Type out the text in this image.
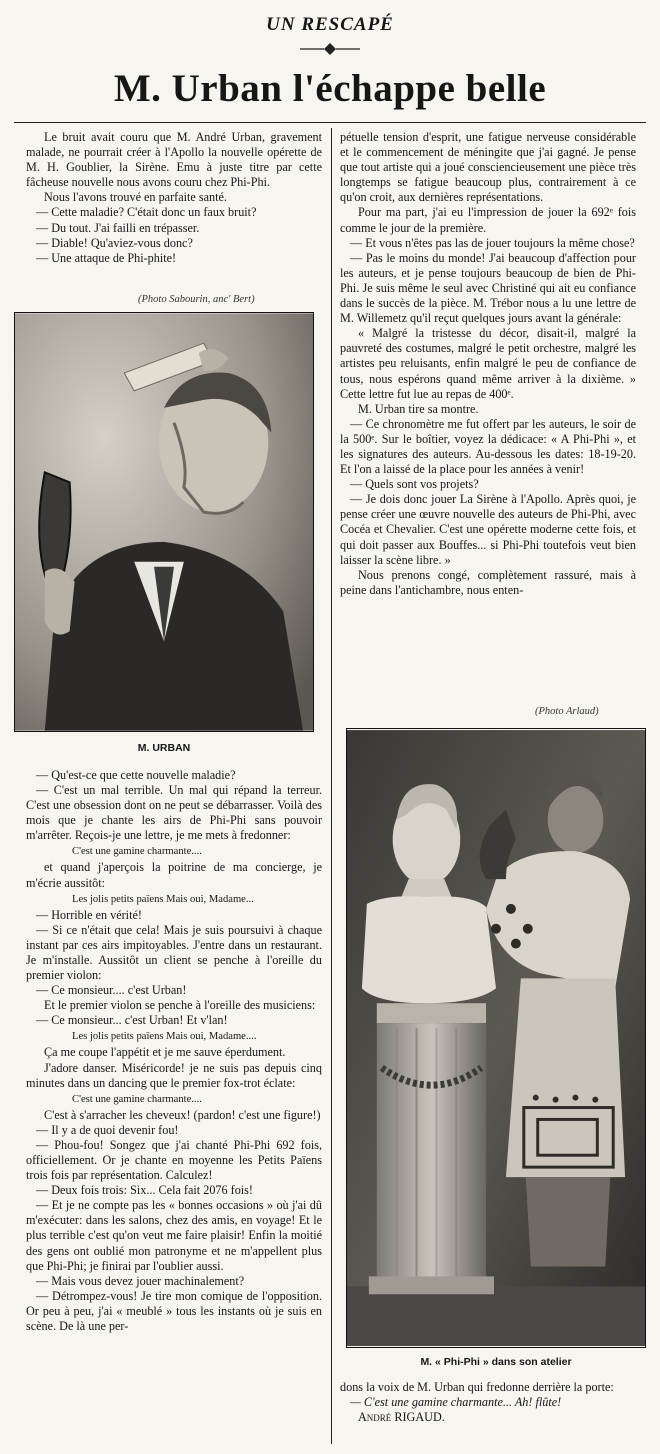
UN RESCAPÉ
M. Urban l'échappe belle

Le bruit avait couru que M. André Urban, gravement malade, ne pourrait créer à l'Apollo la nouvelle opérette de M. H. Goublier, la Sirène. Emu à juste titre par cette fâcheuse nouvelle nous avons couru chez Phi-Phi.

Nous l'avons trouvé en parfaite santé.

— Cette maladie? C'était donc un faux bruit?

— Du tout. J'ai failli en trépasser.

— Diable! Qu'aviez-vous donc?

— Une attaque de Phi-phite!

(Photo Sabourin, anc' Bert)
M. URBAN

— Qu'est-ce que cette nouvelle maladie?

— C'est un mal terrible. Un mal qui répand la terreur. C'est une obsession dont on ne peut se débarrasser. Voilà des mois que je chante les airs de Phi-Phi sans pouvoir m'arrêter. Reçois-je une lettre, je me mets à fredonner:

C'est une gamine charmante....

et quand j'aperçois la poitrine de ma concierge, je m'écrie aussitôt:

Les jolis petits païens Mais oui, Madame...

— Horrible en vérité!

— Si ce n'était que cela! Mais je suis poursuivi à chaque instant par ces airs impitoyables. J'entre dans un restaurant. Je m'installe. Aussitôt un client se penche à l'oreille du premier violon:

— Ce monsieur.... c'est Urban!

Et le premier violon se penche à l'oreille des musiciens:

— Ce monsieur... c'est Urban! Et v'lan!

Les jolis petits païens Mais oui, Madame....

Ça me coupe l'appétit et je me sauve éperdument.

J'adore danser. Miséricorde! je ne suis pas depuis cinq minutes dans un dancing que le premier fox-trot éclate:

C'est une gamine charmante....

C'est à s'arracher les cheveux! (pardon! c'est une figure!)

— Il y a de quoi devenir fou!

— Phou-fou! Songez que j'ai chanté Phi-Phi 692 fois, officiellement. Or je chante en moyenne les Petits Païens trois fois par représentation. Calculez!

— Deux fois trois: Six... Cela fait 2076 fois!

— Et je ne compte pas les « bonnes occasions » où j'ai dû m'exécuter: dans les salons, chez des amis, en voyage! Et le plus terrible c'est qu'on veut me faire plaisir! Enfin la moitié des gens ont oublié mon patronyme et ne m'appellent plus que Phi-Phi; je finirai par l'oublier aussi.

— Mais vous devez jouer machinalement?

— Détrompez-vous! Je tire mon comique de l'opposition. Or peu à peu, j'ai « meublé » tous les instants où je suis en scène. De là une per-

pétuelle tension d'esprit, une fatigue nerveuse considérable et le commencement de méningite que j'ai gagné. Je pense que tout artiste qui a joué consciencieusement une pièce très longtemps se fatigue beaucoup plus, contrairement à ce qu'on croit, aux dernières représentations.

Pour ma part, j'ai eu l'impression de jouer la 692ᵉ fois comme le jour de la première.

— Et vous n'êtes pas las de jouer toujours la même chose?

— Pas le moins du monde! J'ai beaucoup d'affection pour les auteurs, et je pense toujours beaucoup de bien de Phi-Phi. Je suis même le seul avec Christiné qui ait eu confiance dans le succès de la pièce. M. Trébor nous a lu une lettre de M. Willemetz qu'il reçut quelques jours avant la générale:

« Malgré la tristesse du décor, disait-il, malgré la pauvreté des costumes, malgré le petit orchestre, malgré les artistes peu reluisants, enfin malgré le peu de confiance de tous, nous espérons quand même arriver à la dixième. » Cette lettre fut lue au repas de 400ᵉ.

M. Urban tire sa montre.

— Ce chronomètre me fut offert par les auteurs, le soir de la 500ᵉ. Sur le boîtier, voyez la dédicace: « A Phi-Phi », et les signatures des auteurs. Au-dessous les dates: 18-19-20. Et l'on a laissé de la place pour les années à venir!

— Quels sont vos projets?

— Je dois donc jouer La Sirène à l'Apollo. Après quoi, je pense créer une œuvre nouvelle des auteurs de Phi-Phi, avec Cocéa et Chevalier. C'est une opérette moderne cette fois, et qui doit passer aux Bouffes... si Phi-Phi toutefois veut bien laisser la scène libre. »

Nous prenons congé, complètement rassuré, mais à peine dans l'antichambre, nous enten-

(Photo Arlaud)
M. « Phi-Phi » dans son atelier

dons la voix de M. Urban qui fredonne derrière la porte:

— C'est une gamine charmante... Ah! flûte!

André RIGAUD.
